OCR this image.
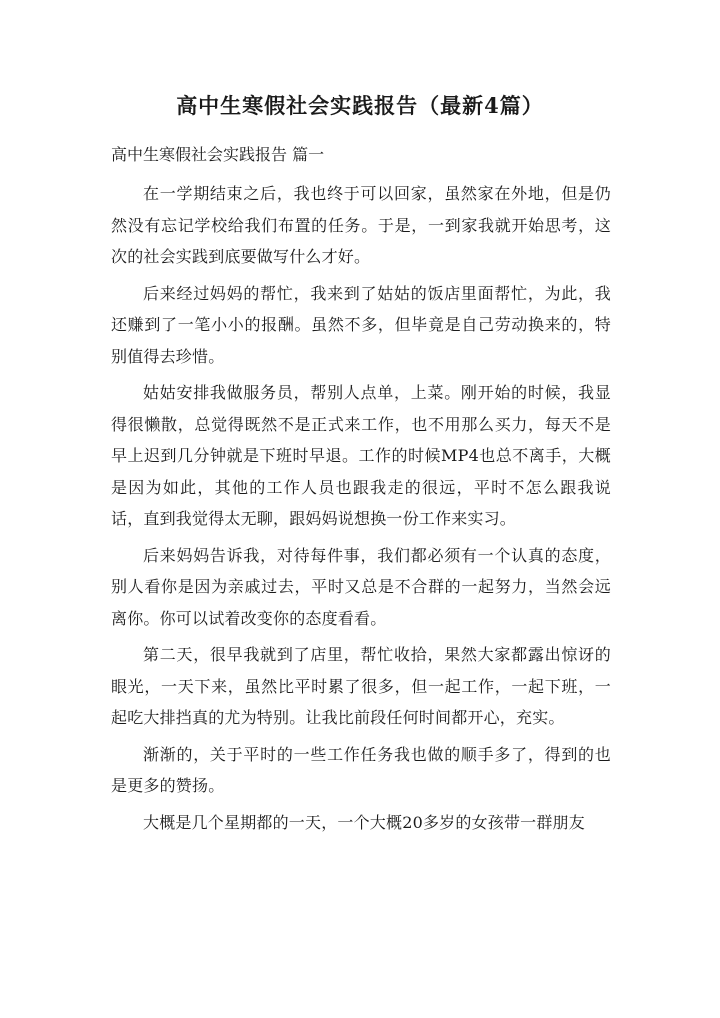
高中生寒假社会实践报告（最新4篇）

高中生寒假社会实践报告 篇一

在一学期结束之后，我也终于可以回家，虽然家在外地，但是仍然没有忘记学校给我们布置的任务。于是，一到家我就开始思考，这次的社会实践到底要做写什么才好。

后来经过妈妈的帮忙，我来到了姑姑的饭店里面帮忙，为此，我还赚到了一笔小小的报酬。虽然不多，但毕竟是自己劳动换来的，特别值得去珍惜。

姑姑安排我做服务员，帮别人点单，上菜。刚开始的时候，我显得很懒散，总觉得既然不是正式来工作，也不用那么买力，每天不是早上迟到几分钟就是下班时早退。工作的时候MP4也总不离手，大概是因为如此，其他的工作人员也跟我走的很远，平时不怎么跟我说话，直到我觉得太无聊，跟妈妈说想换一份工作来实习。

后来妈妈告诉我，对待每件事，我们都必须有一个认真的态度，别人看你是因为亲戚过去，平时又总是不合群的一起努力，当然会远离你。你可以试着改变你的态度看看。

第二天，很早我就到了店里，帮忙收拾，果然大家都露出惊讶的眼光，一天下来，虽然比平时累了很多，但一起工作，一起下班，一起吃大排挡真的尤为特别。让我比前段任何时间都开心，充实。

渐渐的，关于平时的一些工作任务我也做的顺手多了，得到的也是更多的赞扬。

大概是几个星期都的一天，一个大概20多岁的女孩带一群朋友
